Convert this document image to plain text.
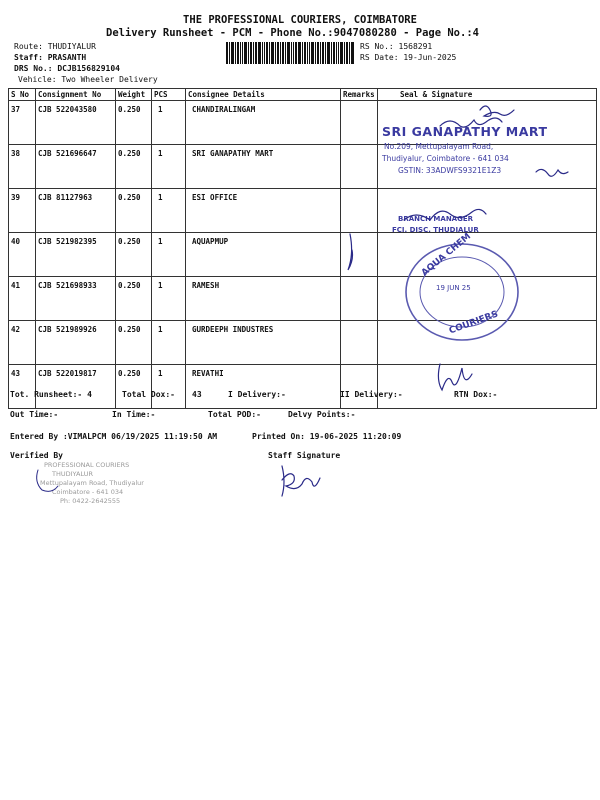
THE PROFESSIONAL COURIERS, COIMBATORE
Delivery Runsheet - PCM - Phone No.:9047080280 - Page No.:4
Route: THUDIYALUR
Staff: PRASANTH
DRS No.: DCJB156829104
Vehicle: Two Wheeler Delivery
RS No.: 1568291
RS Date: 19-Jun-2025
S No	Consignment No	Weight	PCS	Consignee Details	Remarks	Seal & Signature
37	CJB 522043580	0.250	1	CHANDIRALINGAM		
38	CJB 521696647	0.250	1	SRI GANAPATHY MART		
39	CJB 81127963	0.250	1	ESI OFFICE		
40	CJB 521982395	0.250	1	AQUAPMUP		
41	CJB 521698933	0.250	1	RAMESH		
42	CJB 521989926	0.250	1	GURDEEPH INDUSTRES		
43	CJB 522019817	0.250	1	REVATHI		
SRI GANAPATHY MART
No.209, Mettupalayam Road,
Thudiyalur, Coimbatore - 641 034
GSTIN: 33ADWFS9321E1Z3
BRANCH MANAGER
FCI. DISC. THUDIALUR
AQUA CHEM
19 JUN 25
COURIERS
Tot. Runsheet:- 4	Total Dox:- 43	I Delivery:-	II Delivery:-	RTN Dox:-
Out Time:-	In Time:-	Total POD:-	Delvy Points:-
Entered By :VIMALPCM 06/19/2025 11:19:50 AM	Printed On: 19-06-2025 11:20:09
Verified By	Staff Signature
PROFESSIONAL COURIERS
THUDIYALUR
Mettupalayam Road, Thudiyalur
Coimbatore - 641 034
Ph: 0422-2642555
